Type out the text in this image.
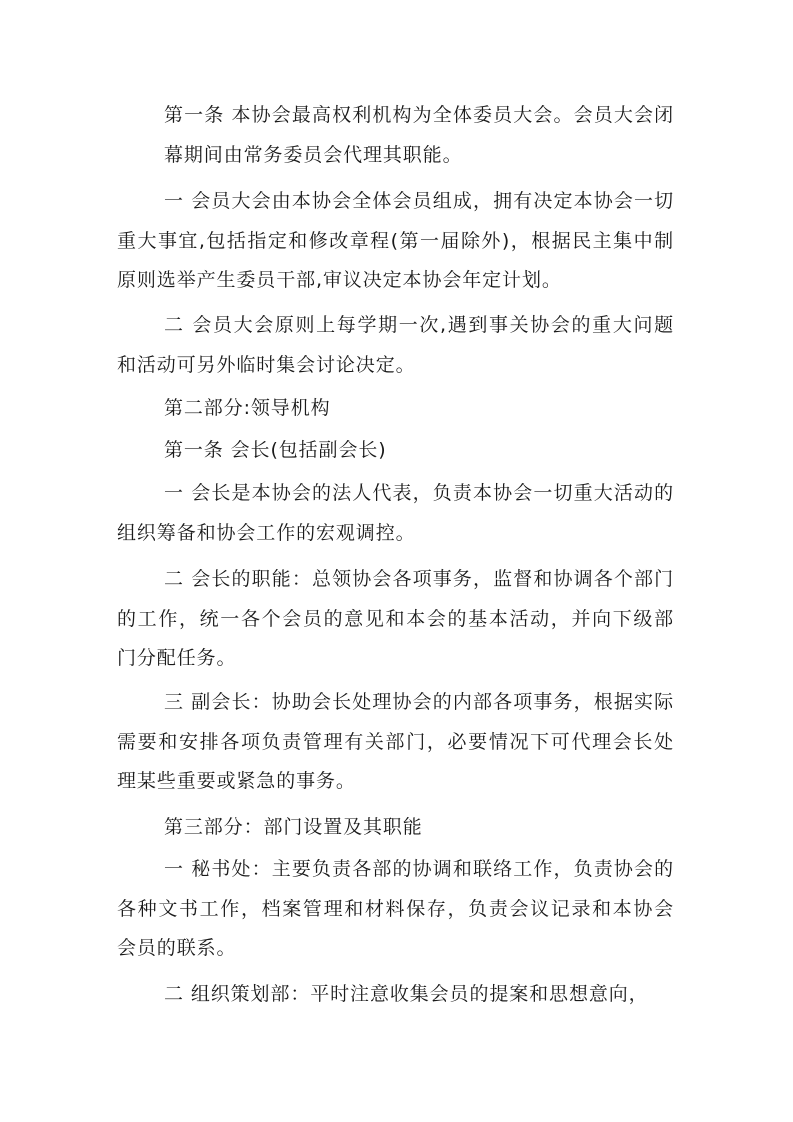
第一条 本协会最高权利机构为全体委员大会。会员大会闭幕期间由常务委员会代理其职能。

一 会员大会由本协会全体会员组成，拥有决定本协会一切重大事宜,包括指定和修改章程(第一届除外)，根据民主集中制原则选举产生委员干部,审议决定本协会年定计划。

二 会员大会原则上每学期一次,遇到事关协会的重大问题和活动可另外临时集会讨论决定。

第二部分:领导机构

第一条 会长(包括副会长)

一 会长是本协会的法人代表，负责本协会一切重大活动的组织筹备和协会工作的宏观调控。

二 会长的职能：总领协会各项事务，监督和协调各个部门的工作，统一各个会员的意见和本会的基本活动，并向下级部门分配任务。

三 副会长：协助会长处理协会的内部各项事务，根据实际需要和安排各项负责管理有关部门，必要情况下可代理会长处理某些重要或紧急的事务。

第三部分：部门设置及其职能

一 秘书处：主要负责各部的协调和联络工作，负责协会的各种文书工作，档案管理和材料保存，负责会议记录和本协会会员的联系。

二 组织策划部：平时注意收集会员的提案和思想意向，
